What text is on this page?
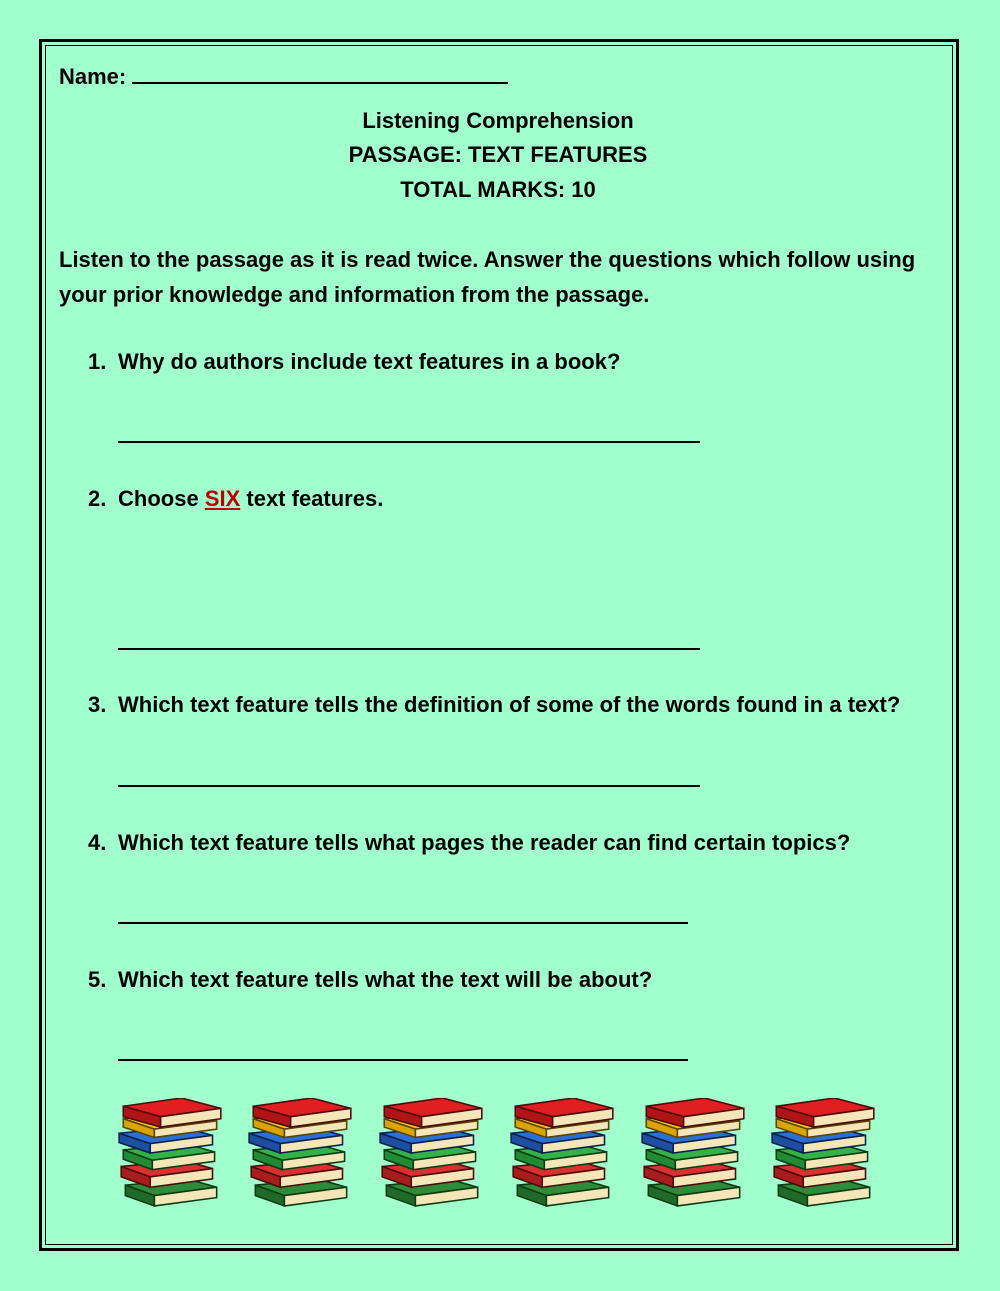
Name:
Listening Comprehension
PASSAGE: TEXT FEATURES
TOTAL MARKS: 10
Listen to the passage as it is read twice. Answer the questions which follow using your prior knowledge and information from the passage.
1. Why do authors include text features in a book?
2. Choose SIX text features.
3. Which text feature tells the definition of some of the words found in a text?
4. Which text feature tells what pages the reader can find certain topics?
5. Which text feature tells what the text will be about?
